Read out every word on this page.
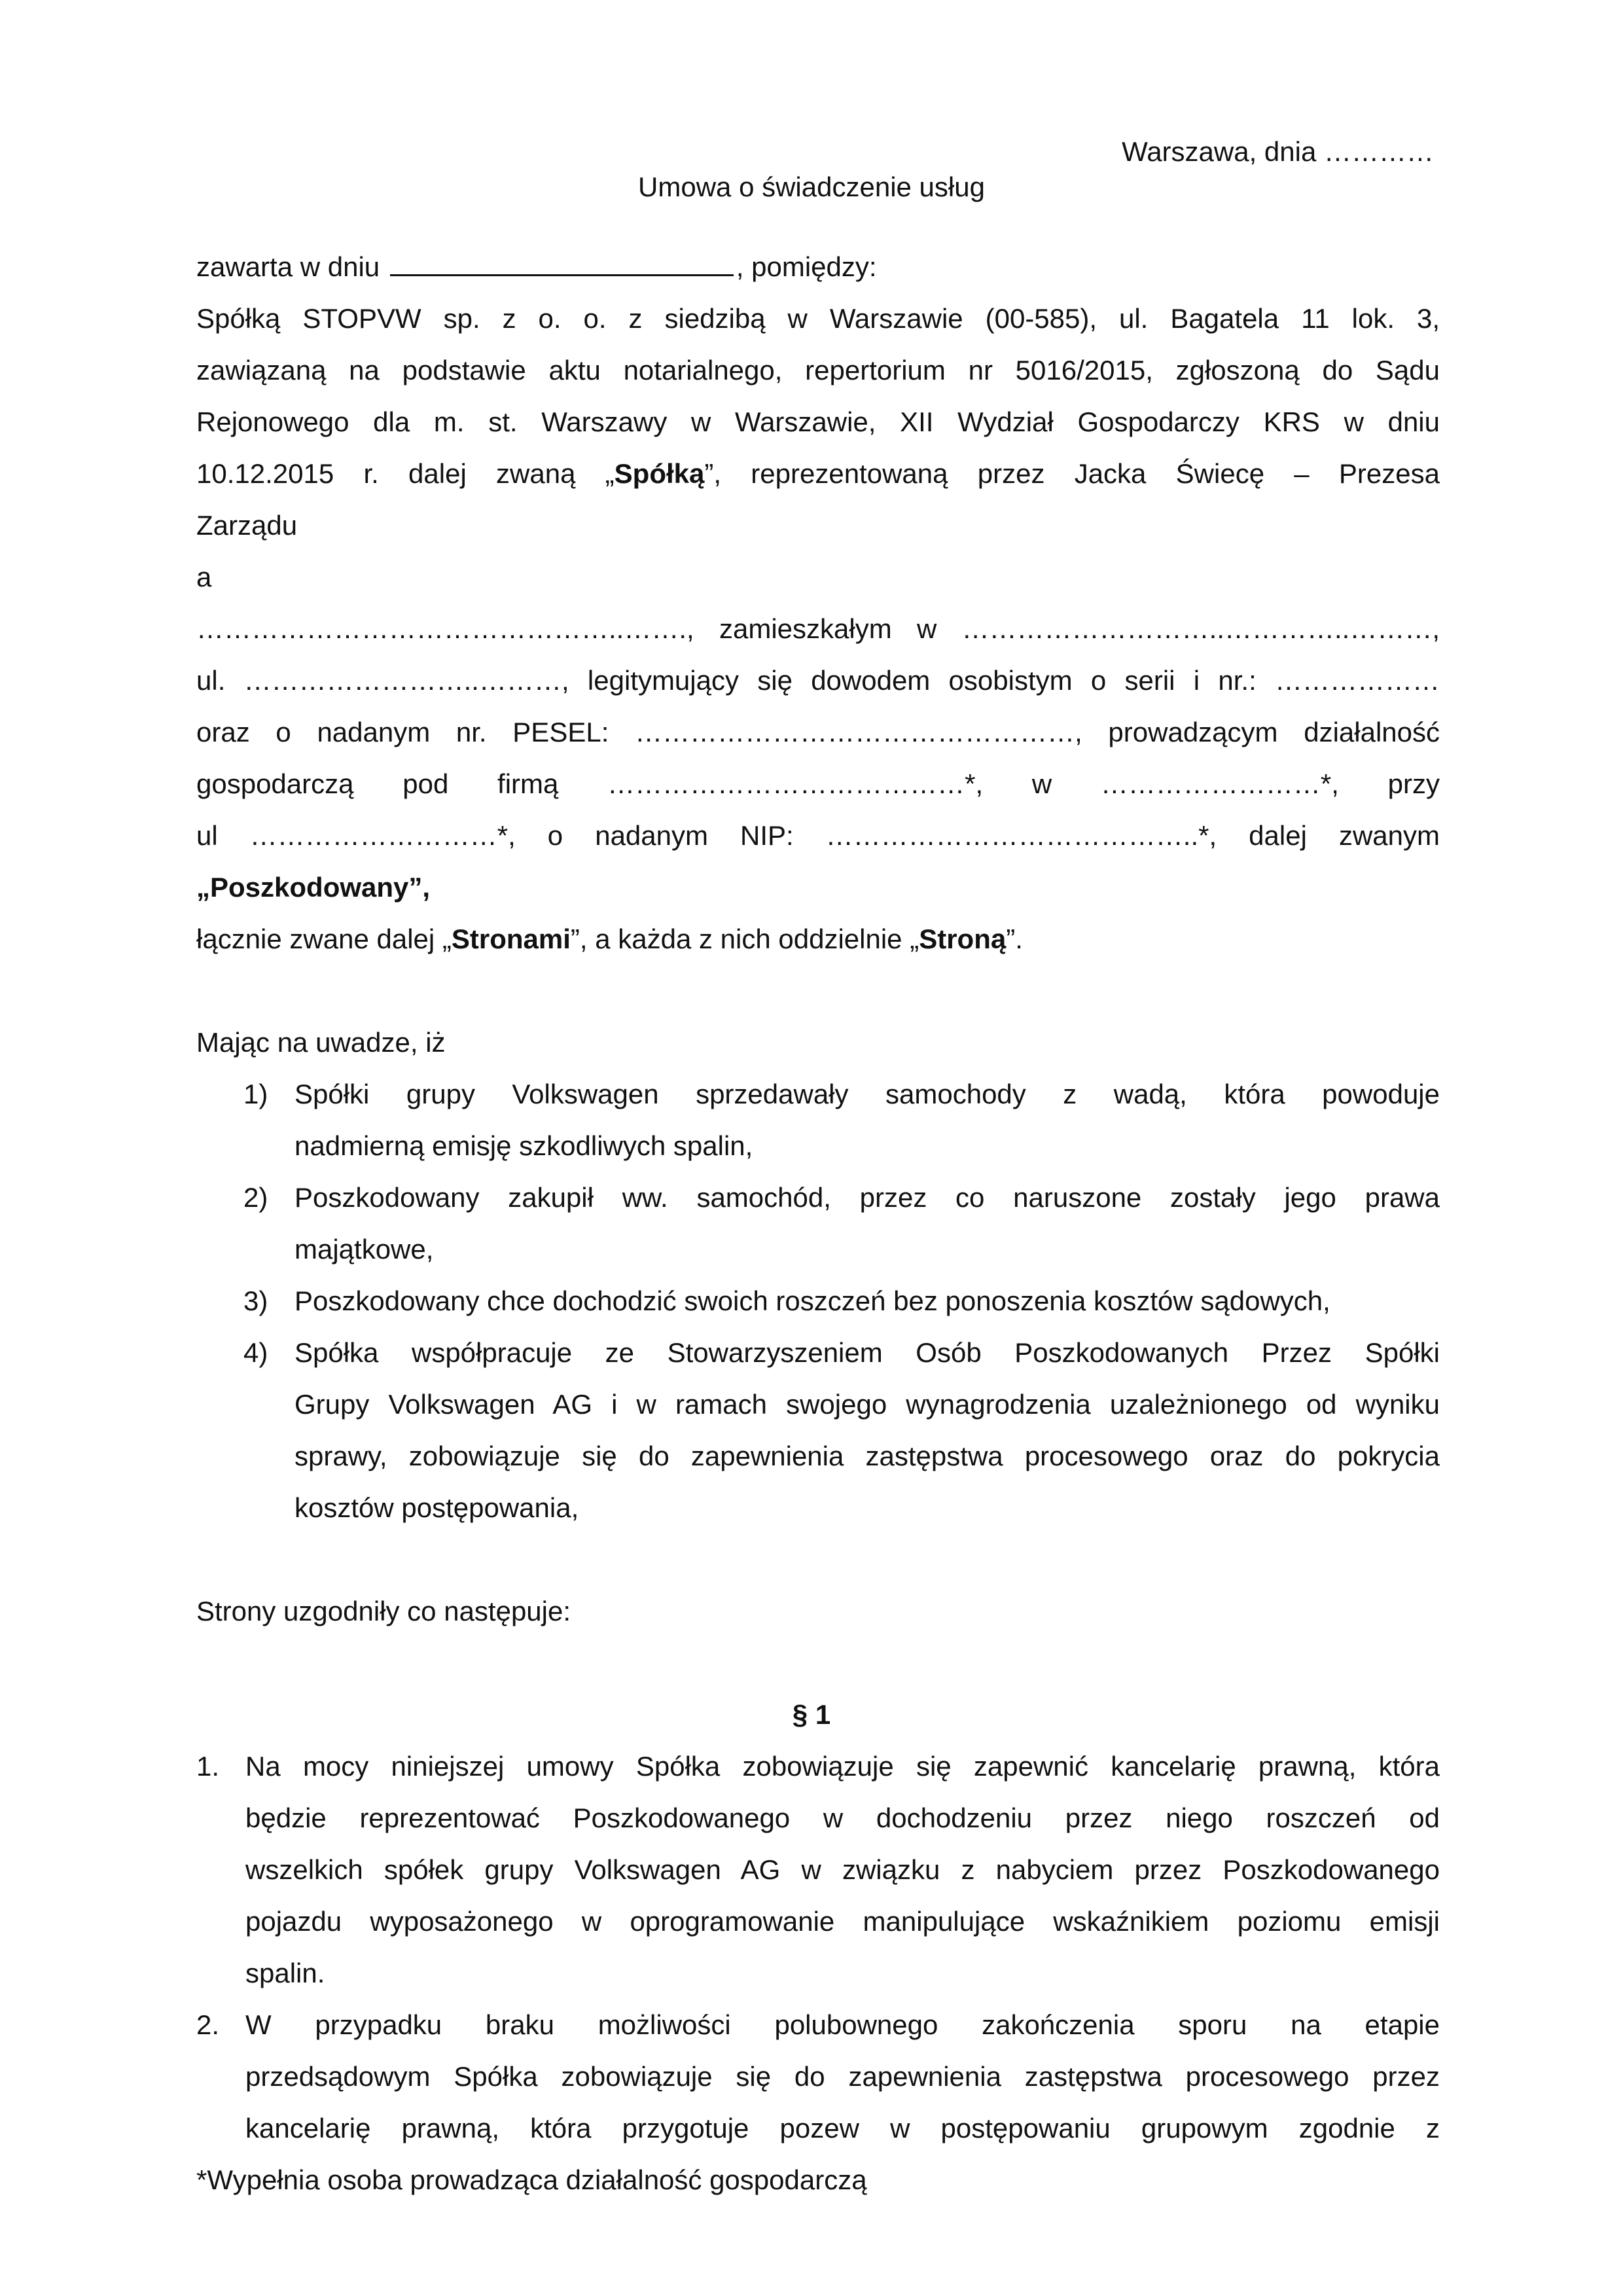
Warszawa, dnia …………
Umowa o świadczenie usług
zawarta w dniu	, pomiędzy:
Spółką STOPVW sp. z o. o. z siedzibą w Warszawie (00-585), ul. Bagatela 11 lok. 3,
zawiązaną na podstawie aktu notarialnego, repertorium nr 5016/2015, zgłoszoną do Sądu
Rejonowego dla m. st. Warszawy w Warszawie, XII Wydział Gospodarczy KRS w dniu
10.12.2015 r. dalej zwaną „Spółką”, reprezentowaną przez Jacka Świecę – Prezesa
Zarządu
a
………………………………………..……., zamieszkałym w ………………………..…………..………,
ul. ……………………..………, legitymujący się dowodem osobistym o serii i nr.: ………………
oraz o nadanym nr. PESEL: …………………………………………, prowadzącym działalność
gospodarczą pod firmą …………………………………*, w ……………………*, przy
ul ………………………*, o nadanym NIP: …………………………………..*, dalej zwanym
„Poszkodowany”,
łącznie zwane dalej „Stronami”, a każda z nich oddzielnie „Stroną”.
Mając na uwadze, iż
1) Spółki grupy Volkswagen sprzedawały samochody z wadą, która powoduje
nadmierną emisję szkodliwych spalin,
2) Poszkodowany zakupił ww. samochód, przez co naruszone zostały jego prawa
majątkowe,
3) Poszkodowany chce dochodzić swoich roszczeń bez ponoszenia kosztów sądowych,
4) Spółka współpracuje ze Stowarzyszeniem Osób Poszkodowanych Przez Spółki
Grupy Volkswagen AG i w ramach swojego wynagrodzenia uzależnionego od wyniku
sprawy, zobowiązuje się do zapewnienia zastępstwa procesowego oraz do pokrycia
kosztów postępowania,
Strony uzgodniły co następuje:
§ 1
1. Na mocy niniejszej umowy Spółka zobowiązuje się zapewnić kancelarię prawną, która
będzie reprezentować Poszkodowanego w dochodzeniu przez niego roszczeń od
wszelkich spółek grupy Volkswagen AG w związku z nabyciem przez Poszkodowanego
pojazdu wyposażonego w oprogramowanie manipulujące wskaźnikiem poziomu emisji
spalin.
2. W przypadku braku możliwości polubownego zakończenia sporu na etapie
przedsądowym Spółka zobowiązuje się do zapewnienia zastępstwa procesowego przez
kancelarię prawną, która przygotuje pozew w postępowaniu grupowym zgodnie z
*Wypełnia osoba prowadząca działalność gospodarczą
